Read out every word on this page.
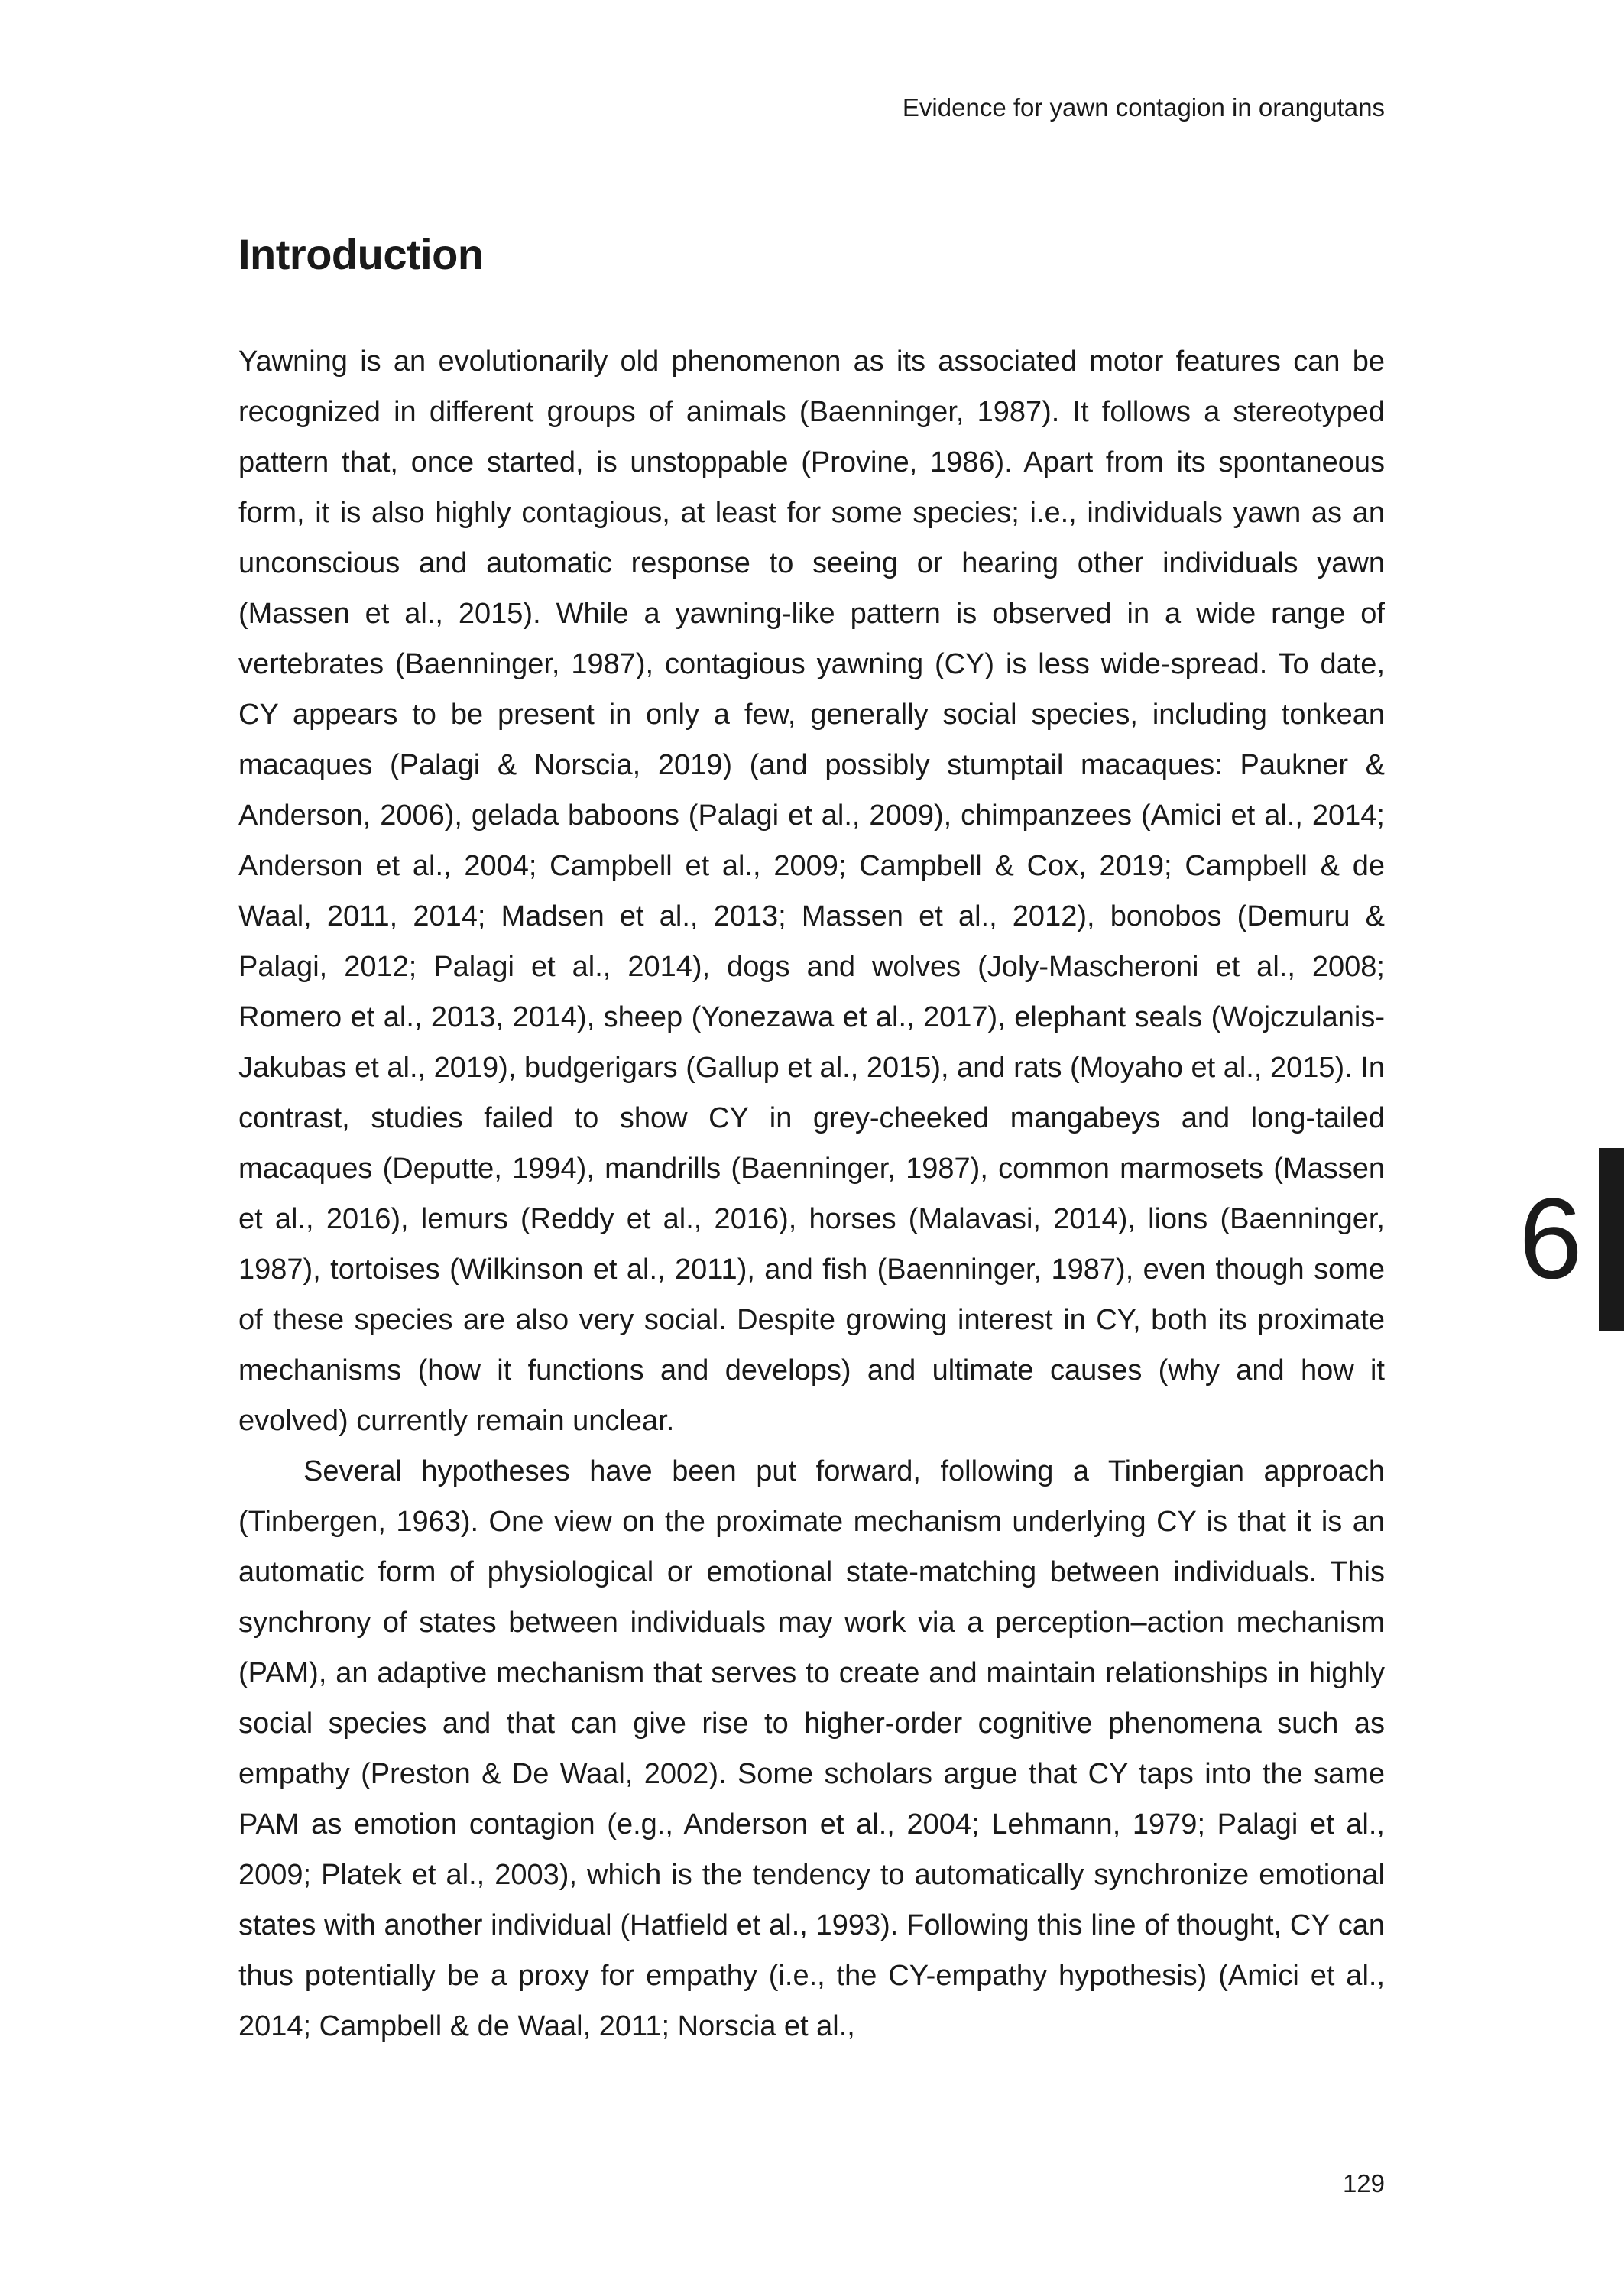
Evidence for yawn contagion in orangutans
Introduction

Yawning is an evolutionarily old phenomenon as its associated motor features can be recognized in different groups of animals (Baenninger, 1987). It follows a stereotyped pattern that, once started, is unstoppable (Provine, 1986). Apart from its spontaneous form, it is also highly contagious, at least for some species; i.e., individuals yawn as an unconscious and automatic response to seeing or hearing other individuals yawn (Massen et al., 2015). While a yawning-like pattern is observed in a wide range of vertebrates (Baenninger, 1987), contagious yawning (CY) is less wide-spread. To date, CY appears to be present in only a few, generally social species, including tonkean macaques (Palagi & Norscia, 2019) (and possibly stumptail macaques: Paukner & Anderson, 2006), gelada baboons (Palagi et al., 2009), chimpanzees (Amici et al., 2014; Anderson et al., 2004; Campbell et al., 2009; Campbell & Cox, 2019; Campbell & de Waal, 2011, 2014; Madsen et al., 2013; Massen et al., 2012), bonobos (Demuru & Palagi, 2012; Palagi et al., 2014), dogs and wolves (Joly-Mascheroni et al., 2008; Romero et al., 2013, 2014), sheep (Yonezawa et al., 2017), elephant seals (Wojczulanis-Jakubas et al., 2019), budgerigars (Gallup et al., 2015), and rats (Moyaho et al., 2015). In contrast, studies failed to show CY in grey-cheeked mangabeys and long-tailed macaques (Deputte, 1994), mandrills (Baenninger, 1987), common marmosets (Massen et al., 2016), lemurs (Reddy et al., 2016), horses (Malavasi, 2014), lions (Baenninger, 1987), tortoises (Wilkinson et al., 2011), and fish (Baenninger, 1987), even though some of these species are also very social. Despite growing interest in CY, both its proximate mechanisms (how it functions and develops) and ultimate causes (why and how it evolved) currently remain unclear.

Several hypotheses have been put forward, following a Tinbergian approach (Tinbergen, 1963). One view on the proximate mechanism underlying CY is that it is an automatic form of physiological or emotional state-matching between individuals. This synchrony of states between individuals may work via a perception–action mechanism (PAM), an adaptive mechanism that serves to create and maintain relationships in highly social species and that can give rise to higher-order cognitive phenomena such as empathy (Preston & De Waal, 2002). Some scholars argue that CY taps into the same PAM as emotion contagion (e.g., Anderson et al., 2004; Lehmann, 1979; Palagi et al., 2009; Platek et al., 2003), which is the tendency to automatically synchronize emotional states with another individual (Hatfield et al., 1993). Following this line of thought, CY can thus potentially be a proxy for empathy (i.e., the CY-empathy hypothesis) (Amici et al., 2014; Campbell & de Waal, 2011; Norscia et al.,

6
129
